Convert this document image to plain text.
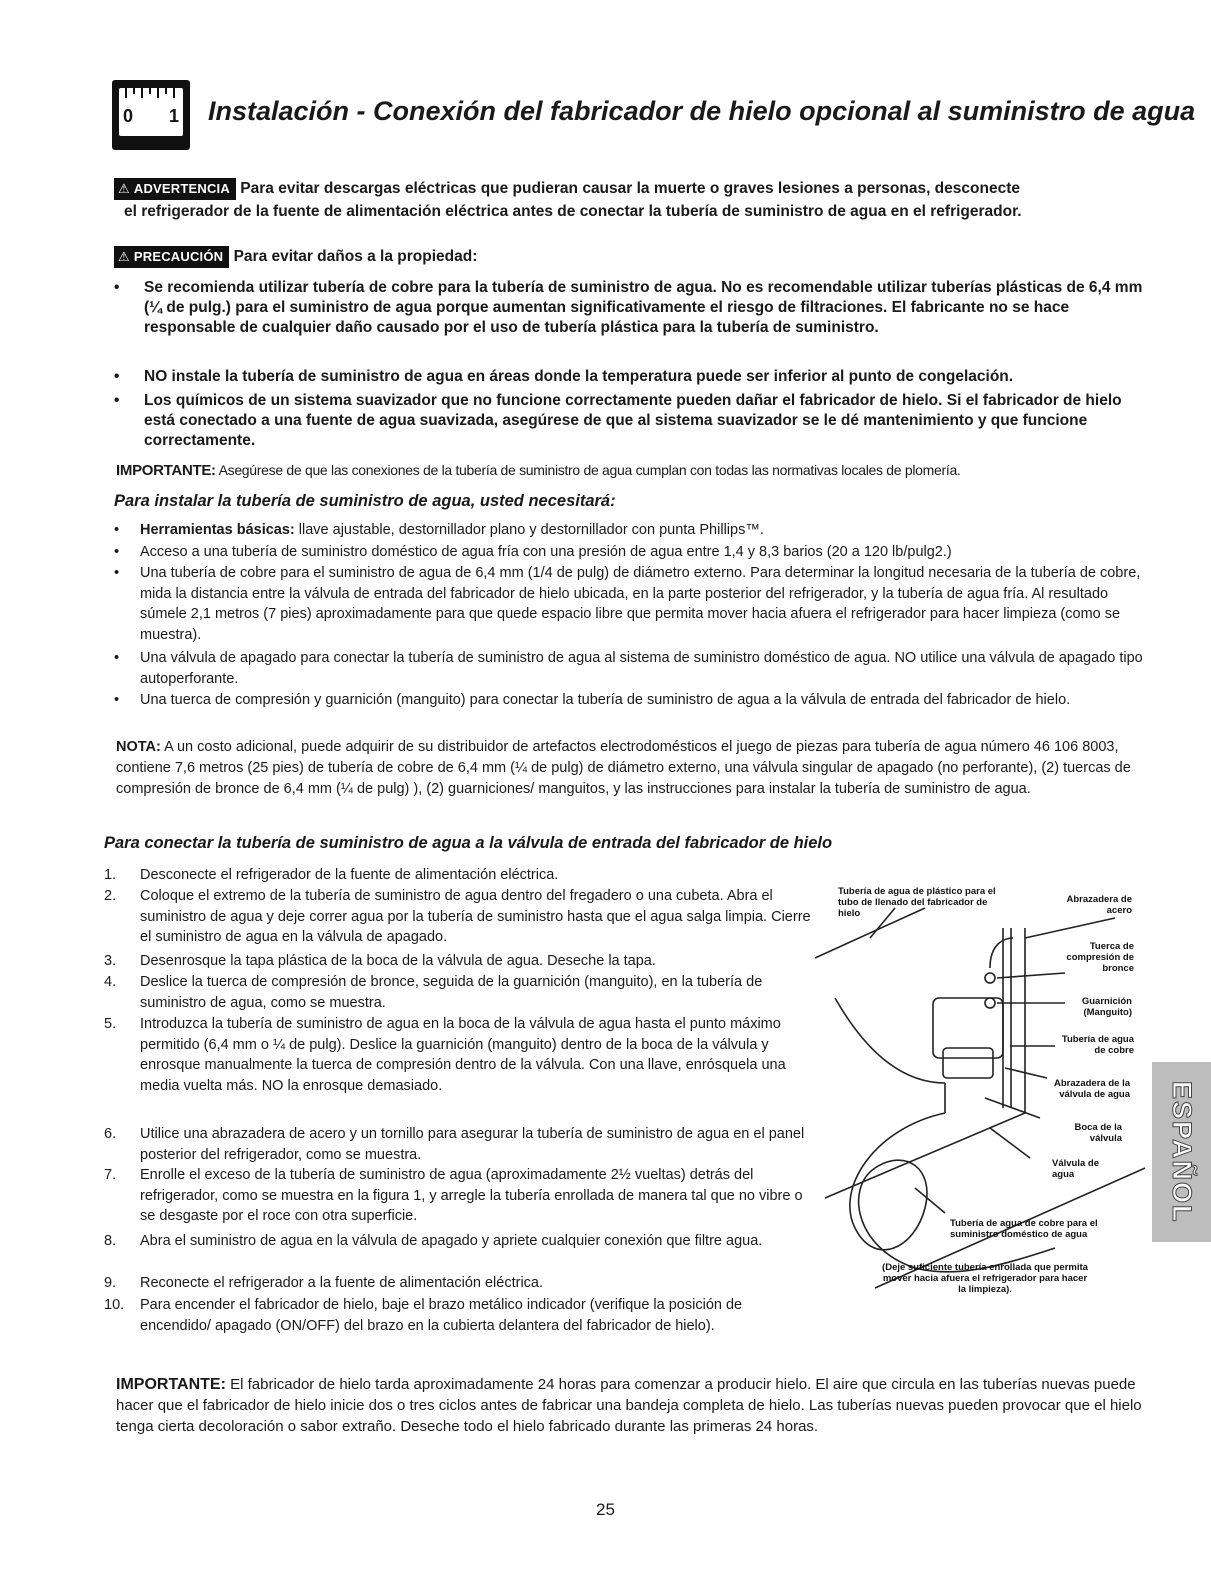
0 1 Instalación - Conexión del fabricador de hielo opcional al suministro de agua
⚠ ADVERTENCIA Para evitar descargas eléctricas que pudieran causar la muerte o graves lesiones a personas, desconecte
el refrigerador de la fuente de alimentación eléctrica antes de conectar la tubería de suministro de agua en el refrigerador.
⚠ PRECAUCIÓN Para evitar daños a la propiedad:
• Se recomienda utilizar tubería de cobre para la tubería de suministro de agua. No es recomendable utilizar tuberías plásticas de 6,4 mm (¼ de pulg.) para el suministro de agua porque aumentan significativamente el riesgo de filtraciones. El fabricante no se hace responsable de cualquier daño causado por el uso de tubería plástica para la tubería de suministro.
• NO instale la tubería de suministro de agua en áreas donde la temperatura puede ser inferior al punto de congelación.
• Los químicos de un sistema suavizador que no funcione correctamente pueden dañar el fabricador de hielo. Si el fabricador de hielo está conectado a una fuente de agua suavizada, asegúrese de que al sistema suavizador se le dé mantenimiento y que funcione correctamente.
IMPORTANTE: Asegúrese de que las conexiones de la tubería de suministro de agua cumplan con todas las normativas locales de plomería.
Para instalar la tubería de suministro de agua, usted necesitará:
• Herramientas básicas: llave ajustable, destornillador plano y destornillador con punta Phillips™.
• Acceso a una tubería de suministro doméstico de agua fría con una presión de agua entre 1,4 y 8,3 barios (20 a 120 lb/pulg2.)
• Una tubería de cobre para el suministro de agua de 6,4 mm (1/4 de pulg) de diámetro externo. Para determinar la longitud necesaria de la tubería de cobre, mida la distancia entre la válvula de entrada del fabricador de hielo ubicada, en la parte posterior del refrigerador, y la tubería de agua fría. Al resultado súmele 2,1 metros (7 pies) aproximadamente para que quede espacio libre que permita mover hacia afuera el refrigerador para hacer limpieza (como se muestra).
• Una válvula de apagado para conectar la tubería de suministro de agua al sistema de suministro doméstico de agua. NO utilice una válvula de apagado tipo autoperforante.
• Una tuerca de compresión y guarnición (manguito) para conectar la tubería de suministro de agua a la válvula de entrada del fabricador de hielo.
NOTA: A un costo adicional, puede adquirir de su distribuidor de artefactos electrodomésticos el juego de piezas para tubería de agua número 46 106 8003, contiene 7,6 metros (25 pies) de tubería de cobre de 6,4 mm (¼ de pulg) de diámetro externo, una válvula singular de apagado (no perforante), (2) tuercas de compresión de bronce de 6,4 mm (¼ de pulg) ), (2) guarniciones/ manguitos, y las instrucciones para instalar la tubería de suministro de agua.
Para conectar la tubería de suministro de agua a la válvula de entrada del fabricador de hielo
1.	Desconecte el refrigerador de la fuente de alimentación eléctrica.
2.	Coloque el extremo de la tubería de suministro de agua dentro del fregadero o una cubeta. Abra el suministro de agua y deje correr agua por la tubería de suministro hasta que el agua salga limpia. Cierre el suministro de agua en la válvula de apagado.
3.	Desenrosque la tapa plástica de la boca de la válvula de agua. Deseche la tapa.
4.	Deslice la tuerca de compresión de bronce, seguida de la guarnición (manguito), en la tubería de suministro de agua, como se muestra.
5.	Introduzca la tubería de suministro de agua en la boca de la válvula de agua hasta el punto máximo permitido (6,4 mm o ¼ de pulg). Deslice la guarnición (manguito) dentro de la boca de la válvula y enrosque manualmente la tuerca de compresión dentro de la válvula. Con una llave, enrósquela una media vuelta más. NO la enrosque demasiado.
6.	Utilice una abrazadera de acero y un tornillo para asegurar la tubería de suministro de agua en el panel posterior del refrigerador, como se muestra.
7.	Enrolle el exceso de la tubería de suministro de agua (aproximadamente 2½ vueltas) detrás del refrigerador, como se muestra en la figura 1, y arregle la tubería enrollada de manera tal que no vibre o se desgaste por el roce con otra superficie.
8.	Abra el suministro de agua en la válvula de apagado y apriete cualquier conexión que filtre agua.
9.	Reconecte el refrigerador a la fuente de alimentación eléctrica.
10.	Para encender el fabricador de hielo, baje el brazo metálico indicador (verifique la posición de encendido/ apagado (ON/OFF) del brazo en la cubierta delantera del fabricador de hielo).
Tubería de agua de plástico para el tubo de llenado del fabricador de hielo
Abrazadera de acero
Tuerca de compresión de bronce
Guarnición (Manguito)
Tubería de agua de cobre
Abrazadera de la válvula de agua
Boca de la válvula
Válvula de agua
Tubería de agua de cobre para el suministro doméstico de agua
(Deje suficiente tubería enrollada que permita mover hacia afuera el refrigerador para hacer la limpieza).
ESPAÑOL
IMPORTANTE: El fabricador de hielo tarda aproximadamente 24 horas para comenzar a producir hielo. El aire que circula en las tuberías nuevas puede hacer que el fabricador de hielo inicie dos o tres ciclos antes de fabricar una bandeja completa de hielo. Las tuberías nuevas pueden provocar que el hielo tenga cierta decoloración o sabor extraño. Deseche todo el hielo fabricado durante las primeras 24 horas.
25
